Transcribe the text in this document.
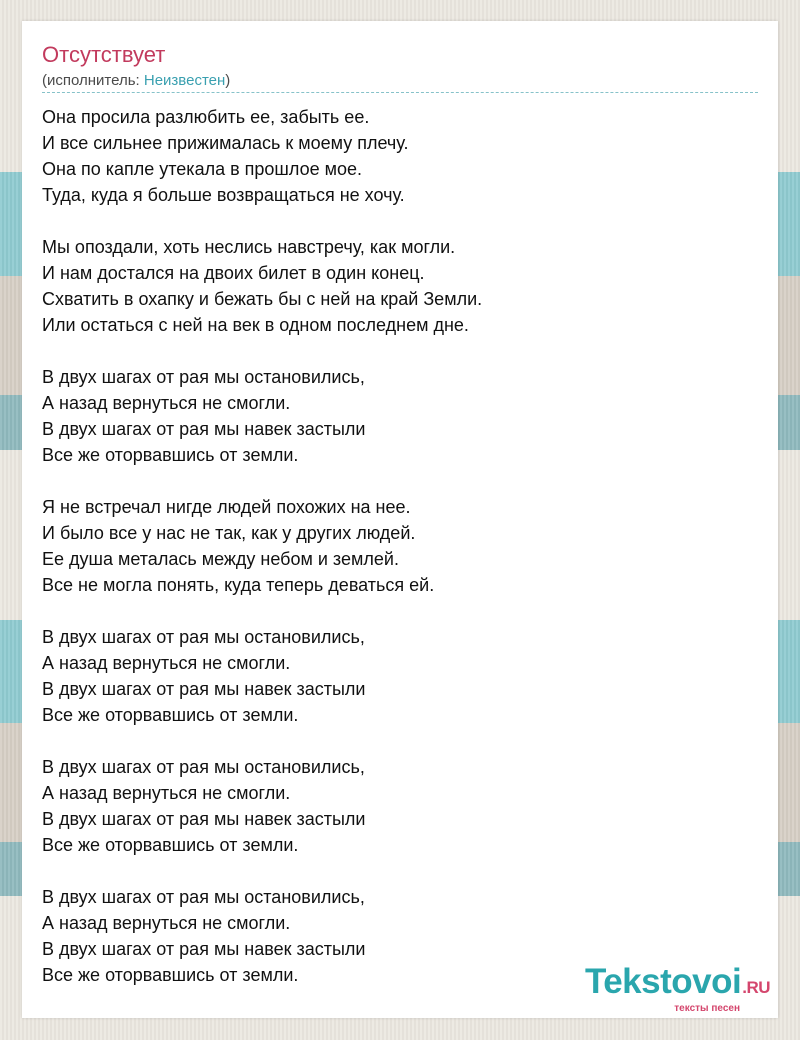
Отсутствует
(исполнитель: Неизвестен)
Она просила разлюбить ее, забыть ее.
И все сильнее прижималась к моему плечу.
Она по капле утекала в прошлое мое.
Туда, куда я больше возвращаться не хочу.
Мы опоздали, хоть неслись навстречу, как могли.
И нам достался на двоих билет в один конец.
Схватить в охапку и бежать бы с ней на край Земли.
Или остаться с ней на век в одном последнем дне.
В двух шагах от рая мы остановились,
А назад вернуться не смогли.
В двух шагах от рая мы навек застыли
Все же оторвавшись от земли.
Я не встречал нигде людей похожих на нее.
И было все у нас не так, как у других людей.
Ее душа металась между небом и землей.
Все не могла понять, куда теперь деваться ей.
В двух шагах от рая мы остановились,
А назад вернуться не смогли.
В двух шагах от рая мы навек застыли
Все же оторвавшись от земли.
В двух шагах от рая мы остановились,
А назад вернуться не смогли.
В двух шагах от рая мы навек застыли
Все же оторвавшись от земли.
В двух шагах от рая мы остановились,
А назад вернуться не смогли.
В двух шагах от рая мы навек застыли
Все же оторвавшись от земли.	Tekstovoi.RU
тексты песен
